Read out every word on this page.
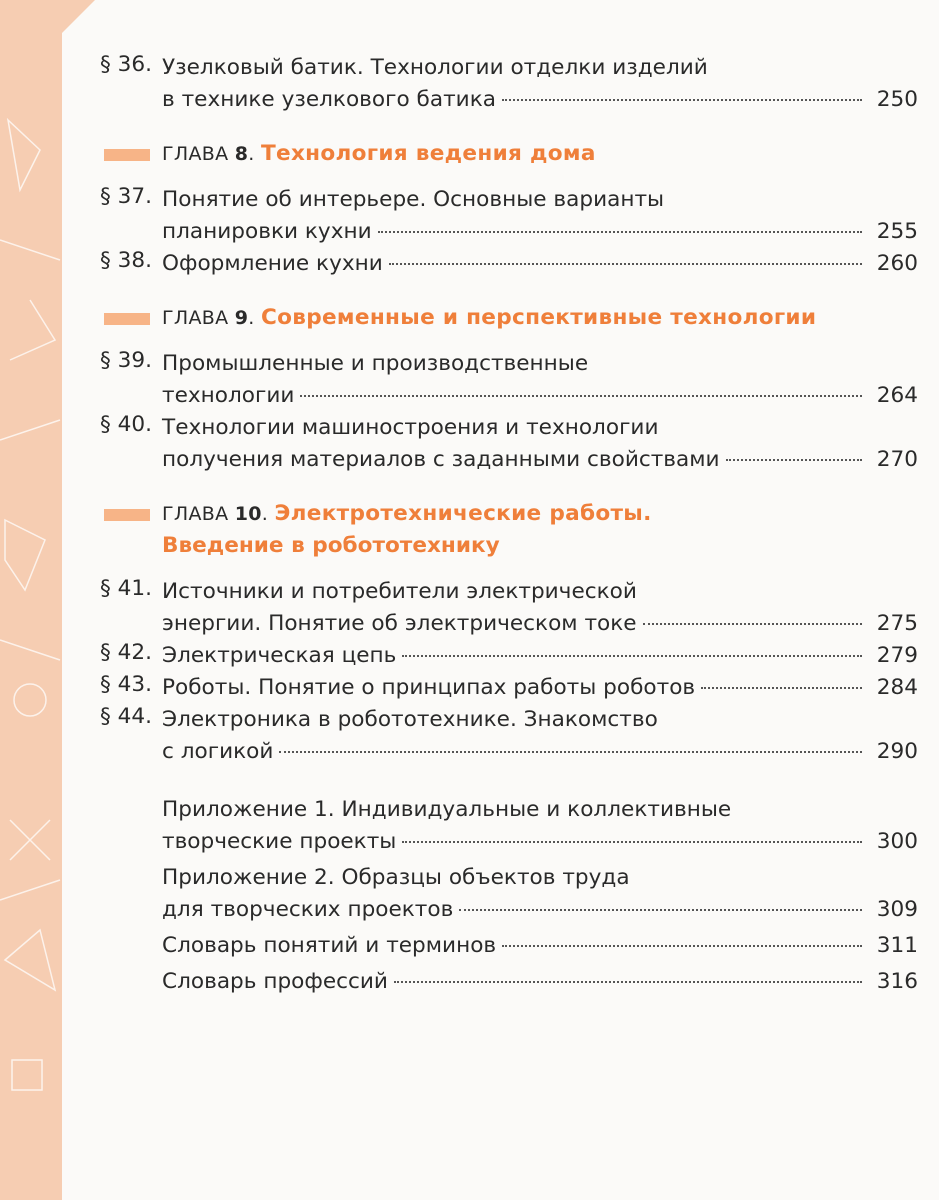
§ 36. Узелковый батик. Технологии отделки изделий
в технике узелкового батика	250
ГЛАВА 8. Технология ведения дома
§ 37. Понятие об интерьере. Основные варианты
планировки кухни	255
§ 38. Оформление кухни	260
ГЛАВА 9. Современные и перспективные технологии
§ 39. Промышленные и производственные
технологии	264
§ 40. Технологии машиностроения и технологии
получения материалов с заданными свойствами	270
ГЛАВА 10. Электротехнические работы.
Введение в робототехнику
§ 41. Источники и потребители электрической
энергии. Понятие об электрическом токе	275
§ 42. Электрическая цепь	279
§ 43. Роботы. Понятие о принципах работы роботов	284
§ 44. Электроника в робототехнике. Знакомство
с логикой	290
Приложение 1. Индивидуальные и коллективные
творческие проекты	300
Приложение 2. Образцы объектов труда
для творческих проектов	309
Словарь понятий и терминов	311
Словарь профессий	316
